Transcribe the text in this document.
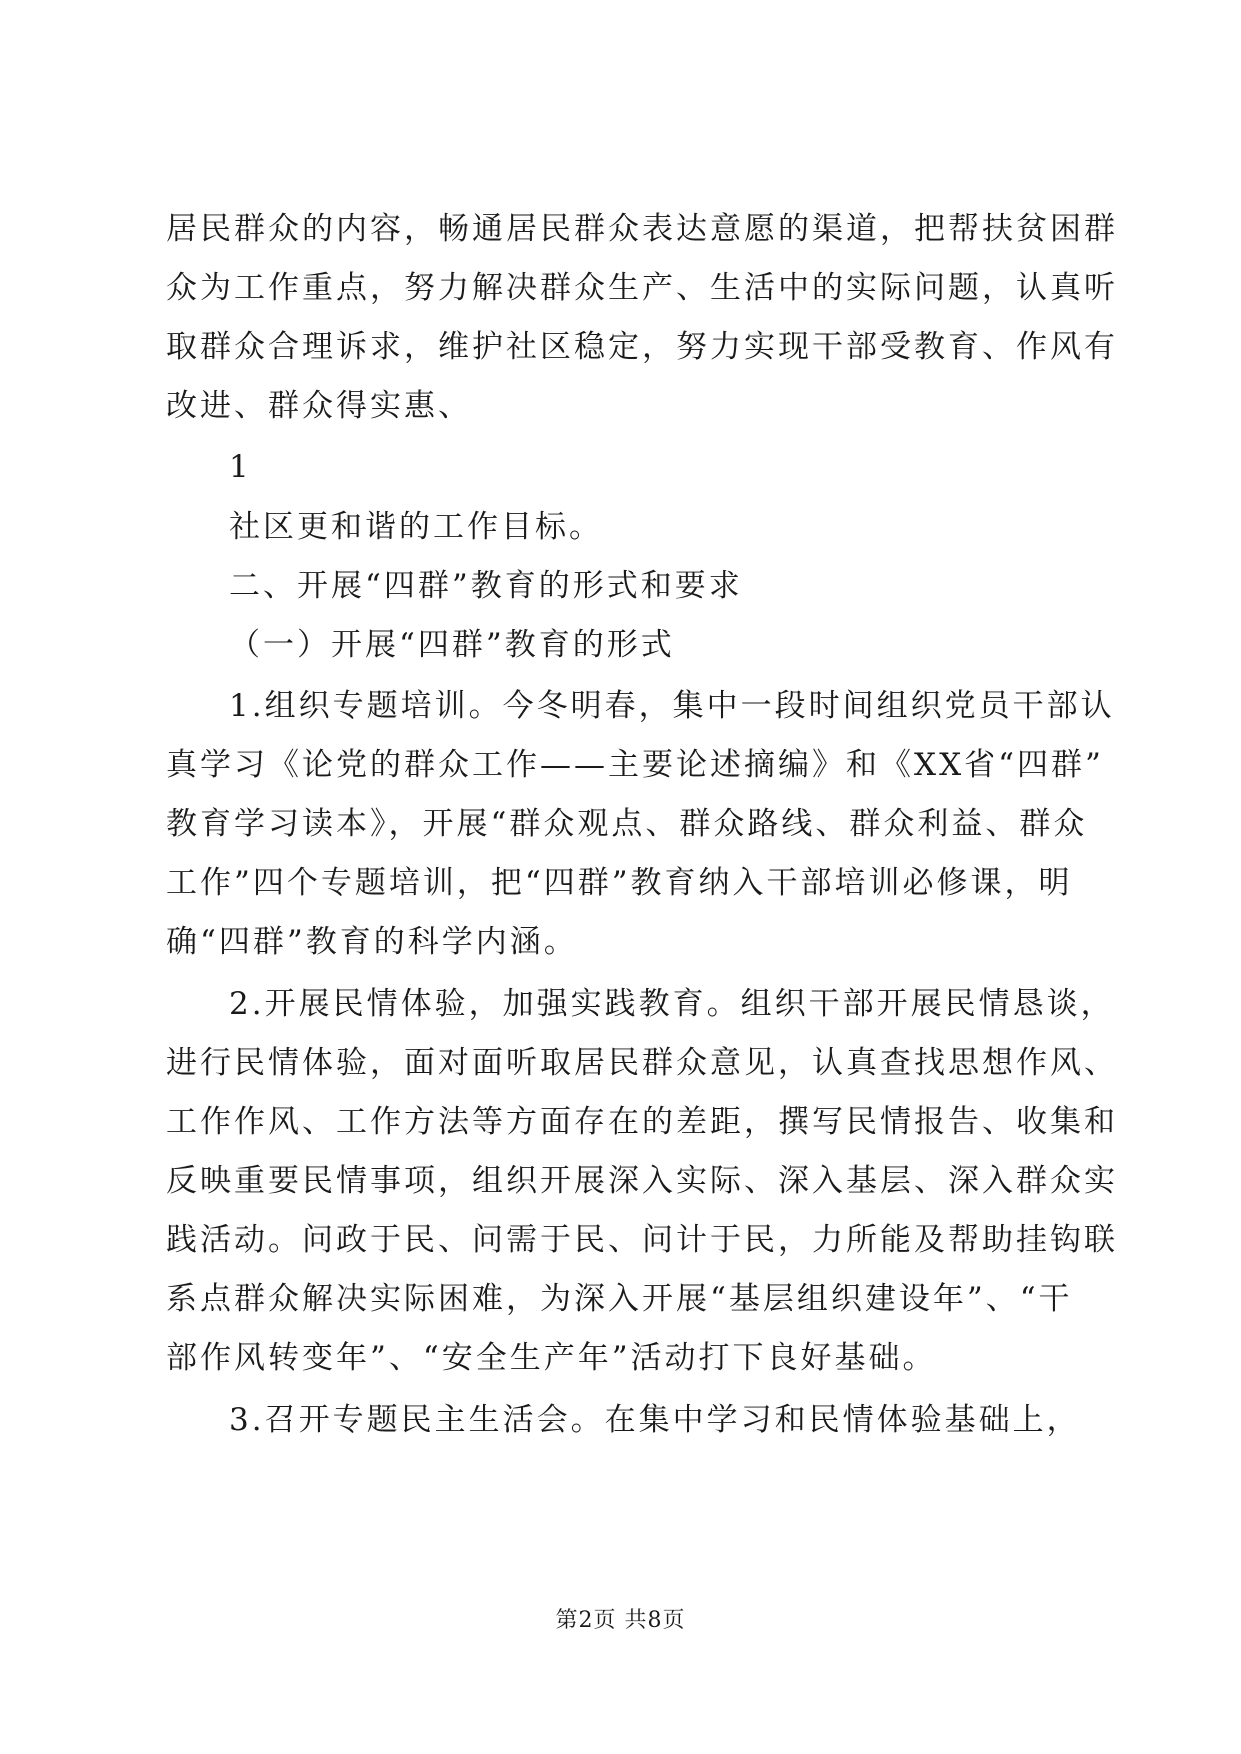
居民群众的内容，畅通居民群众表达意愿的渠道，把帮扶贫困群
众为工作重点，努力解决群众生产、生活中的实际问题，认真听
取群众合理诉求，维护社区稳定，努力实现干部受教育、作风有
改进、群众得实惠、
1
社区更和谐的工作目标。
二、开展“四群”教育的形式和要求
（一）开展“四群”教育的形式
1.组织专题培训。今冬明春，集中一段时间组织党员干部认
真学习《论党的群众工作——主要论述摘编》和《XX省“四群”
教育学习读本》，开展“群众观点、群众路线、群众利益、群众
工作”四个专题培训，把“四群”教育纳入干部培训必修课，明
确“四群”教育的科学内涵。
2.开展民情体验，加强实践教育。组织干部开展民情恳谈，
进行民情体验，面对面听取居民群众意见，认真查找思想作风、
工作作风、工作方法等方面存在的差距，撰写民情报告、收集和
反映重要民情事项，组织开展深入实际、深入基层、深入群众实
践活动。问政于民、问需于民、问计于民，力所能及帮助挂钩联
系点群众解决实际困难，为深入开展“基层组织建设年”、“干
部作风转变年”、“安全生产年”活动打下良好基础。
3.召开专题民主生活会。在集中学习和民情体验基础上，
第2页 共8页
